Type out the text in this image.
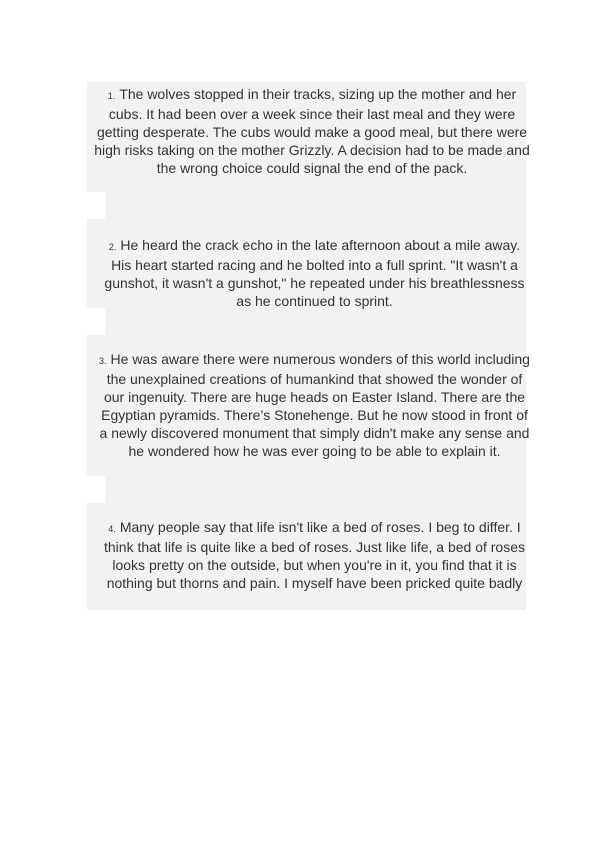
1. The wolves stopped in their tracks, sizing up the mother and her cubs. It had been over a week since their last meal and they were getting desperate. The cubs would make a good meal, but there were high risks taking on the mother Grizzly. A decision had to be made and the wrong choice could signal the end of the pack.

2. He heard the crack echo in the late afternoon about a mile away. His heart started racing and he bolted into a full sprint. "It wasn't a gunshot, it wasn't a gunshot," he repeated under his breathlessness as he continued to sprint.

3. He was aware there were numerous wonders of this world including the unexplained creations of humankind that showed the wonder of our ingenuity. There are huge heads on Easter Island. There are the Egyptian pyramids. There’s Stonehenge. But he now stood in front of a newly discovered monument that simply didn't make any sense and he wondered how he was ever going to be able to explain it.

4. Many people say that life isn't like a bed of roses. I beg to differ. I think that life is quite like a bed of roses. Just like life, a bed of roses looks pretty on the outside, but when you're in it, you find that it is nothing but thorns and pain. I myself have been pricked quite badly
